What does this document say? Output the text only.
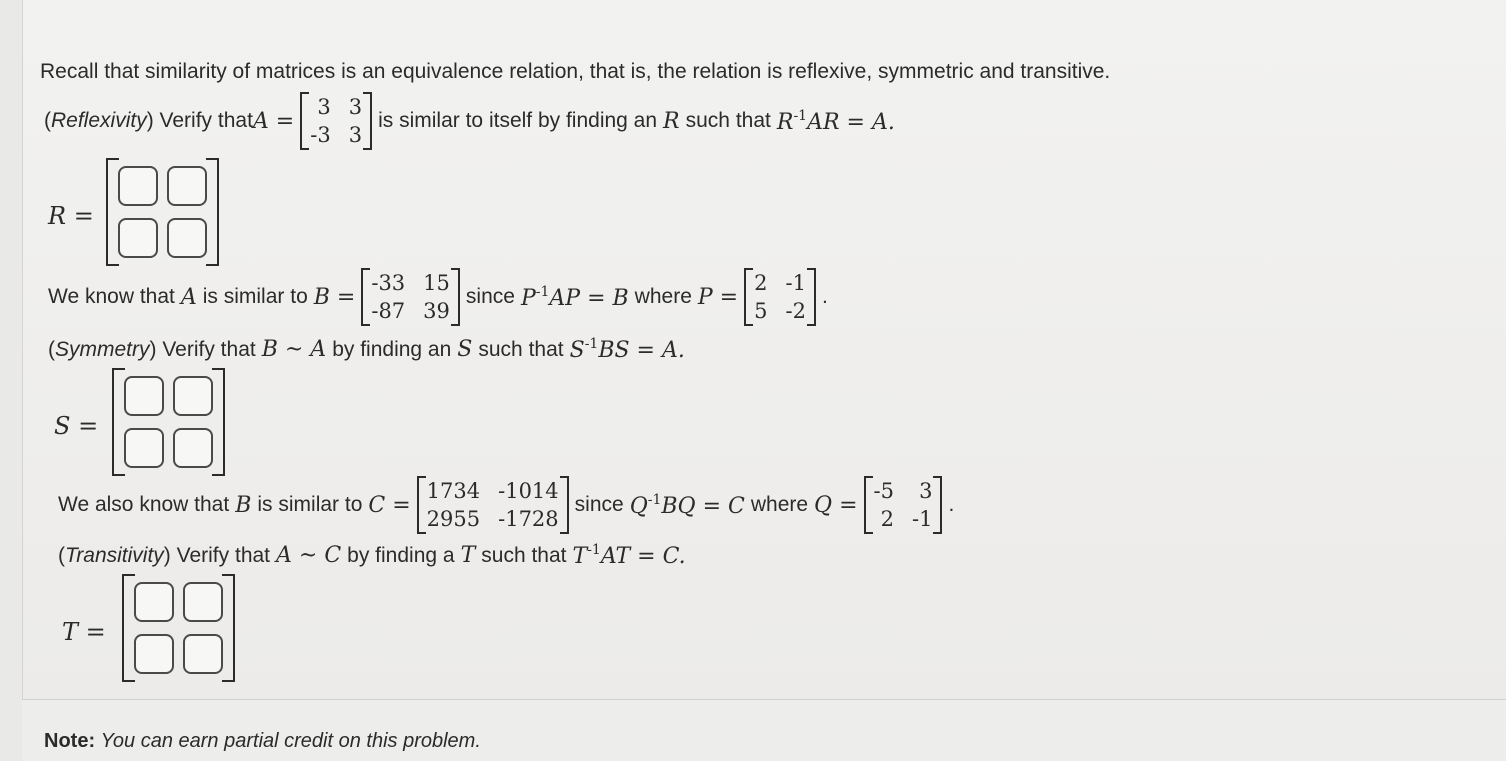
Recall that similarity of matrices is an equivalence relation, that is, the relation is reflexive, symmetric and transitive.
( Reflexivity ) Verify that A =
3 3
-3 3
is similar to itself by finding an R such that $R^{-1}AR = A$.
R =
We know that A is similar to B =
-33 15
-87 39
since $P^{-1}AP = B$ where P =
2 -1
5 -2
.
( Symmetry ) Verify that B ~ A by finding an S such that $S^{-1}BS = A$.
S =
We also know that B is similar to C =
1734 -1014
2955 -1728
since $Q^{-1}BQ = C$ where Q =
-5	3
2 -1
.
( Transitivity ) Verify that A ~ C by finding a T such that $T^{-1}AT = C$.
T =
Note: You can earn partial credit on this problem.
